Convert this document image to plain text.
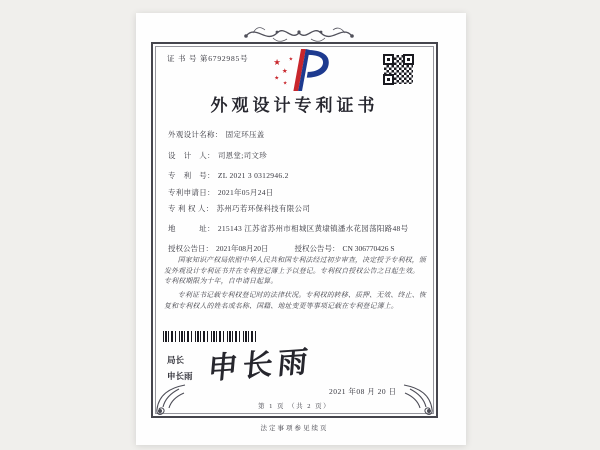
证 书 号 第6792985号	★
★
★
★
★
外观设计专利证书
外观设计名称： 固定环压盖
设　计　人： 司恩堂;司文珍
专　利　号： ZL 2021 3 0312946.2
专利申请日： 2021年05月24日
专 利 权 人： 苏州巧若环保科技有限公司
地　　　址： 215143 江苏省苏州市相城区黄埭镇潘水花园荡阳路48号
授权公告日： 2021年08月20日	授权公告号： CN 306770426 S

国家知识产权局依照中华人民共和国专利法经过初步审查，决定授予专利权，颁发外观设计专利证书并在专利登记簿上予以登记。专利权自授权公告之日起生效。专利权期限为十年，自申请日起算。

专利证书记载专利权登记时的法律状况。专利权的转移、质押、无效、终止、恢复和专利权人的姓名或名称、国籍、地址变更等事项记载在专利登记簿上。

局长
申长雨 申长雨
2021 年08 月 20 日
第 1 页 （共 2 页）
法定事项参见续页
